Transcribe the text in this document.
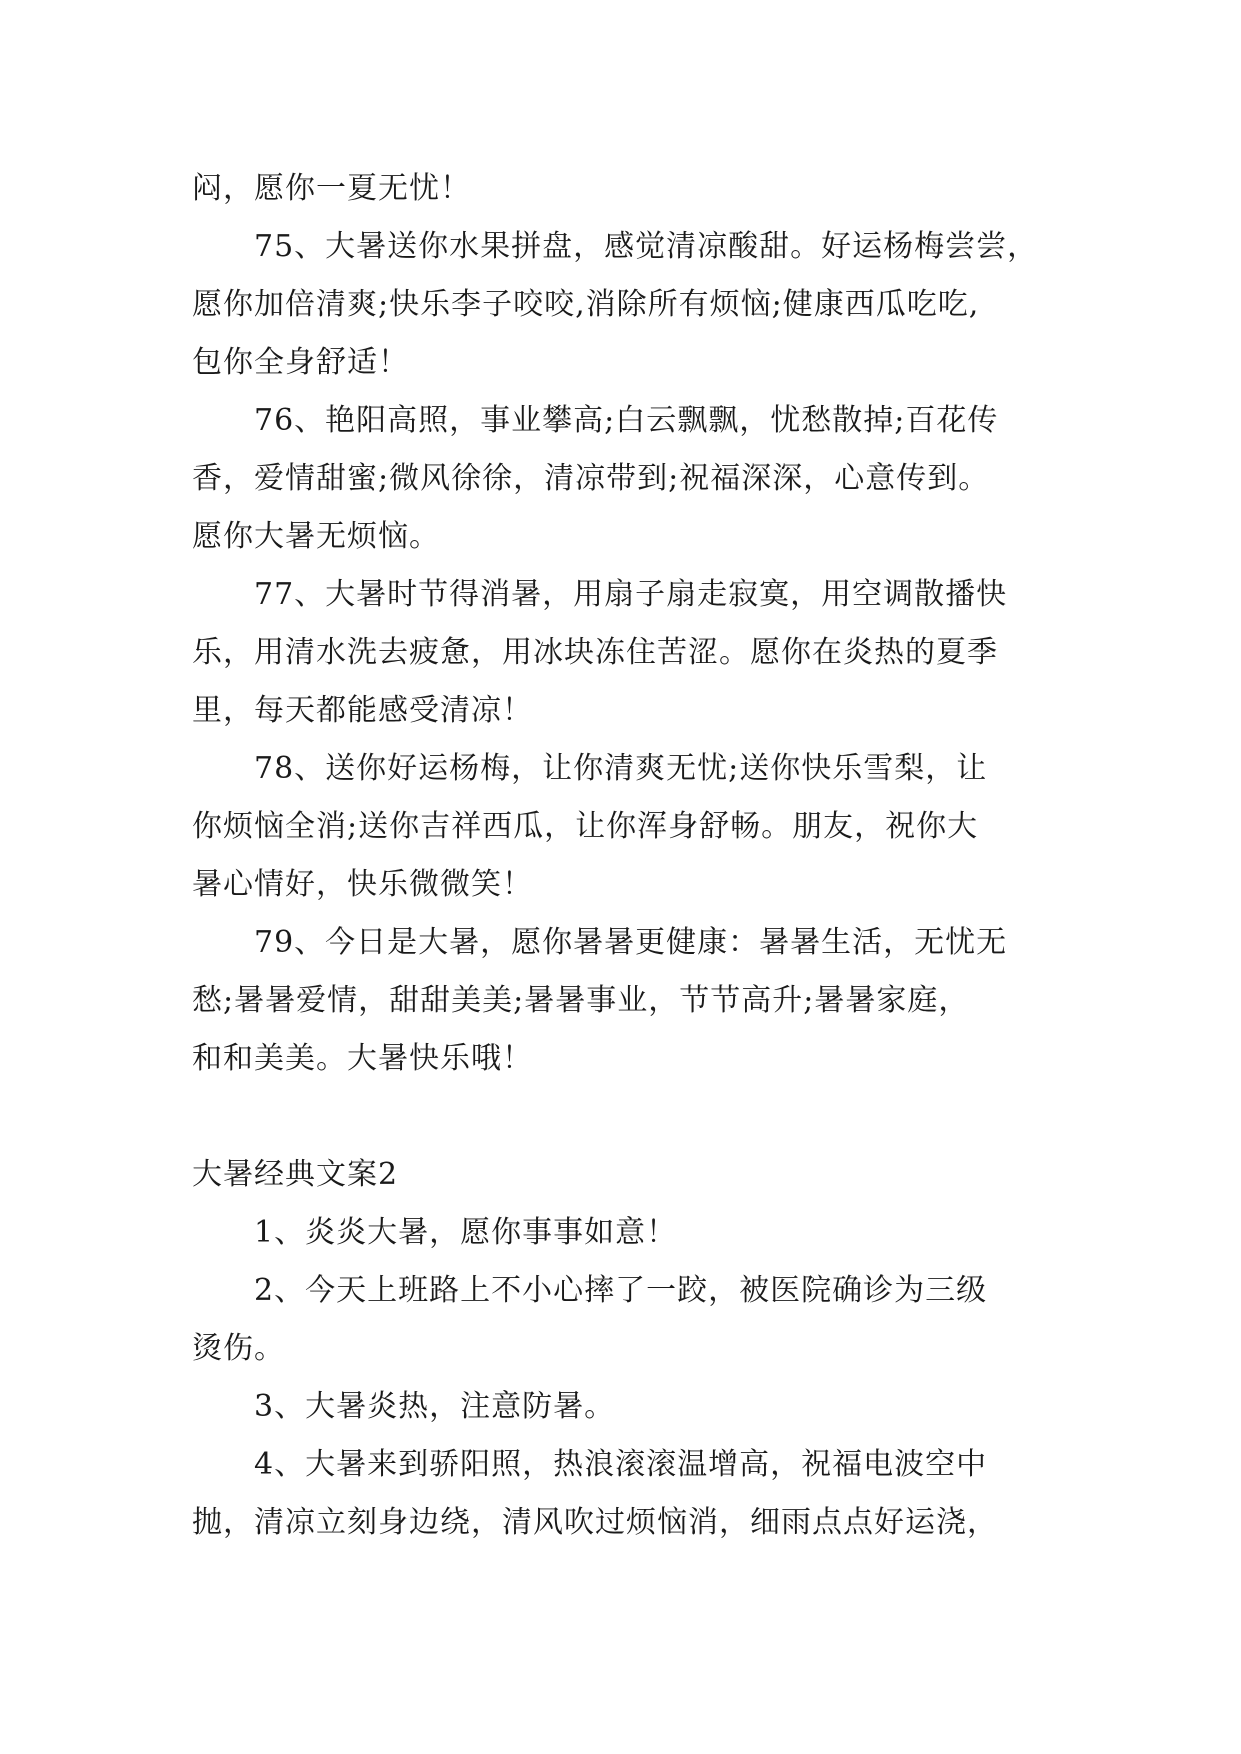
闷，愿你一夏无忧！
75、大暑送你水果拼盘，感觉清凉酸甜。好运杨梅尝尝，
愿你加倍清爽;快乐李子咬咬,消除所有烦恼;健康西瓜吃吃,
包你全身舒适！
76、艳阳高照，事业攀高;白云飘飘，忧愁散掉;百花传
香，爱情甜蜜;微风徐徐，清凉带到;祝福深深，心意传到。
愿你大暑无烦恼。
77、大暑时节得消暑，用扇子扇走寂寞，用空调散播快
乐，用清水洗去疲惫，用冰块冻住苦涩。愿你在炎热的夏季
里，每天都能感受清凉！
78、送你好运杨梅，让你清爽无忧;送你快乐雪梨，让
你烦恼全消;送你吉祥西瓜，让你浑身舒畅。朋友，祝你大
暑心情好，快乐微微笑！
79、今日是大暑，愿你暑暑更健康：暑暑生活，无忧无
愁;暑暑爱情，甜甜美美;暑暑事业，节节高升;暑暑家庭，
和和美美。大暑快乐哦！
大暑经典文案2
1、炎炎大暑，愿你事事如意！
2、今天上班路上不小心摔了一跤，被医院确诊为三级
烫伤。
3、大暑炎热，注意防暑。
4、大暑来到骄阳照，热浪滚滚温增高，祝福电波空中
抛，清凉立刻身边绕，清风吹过烦恼消，细雨点点好运浇，
